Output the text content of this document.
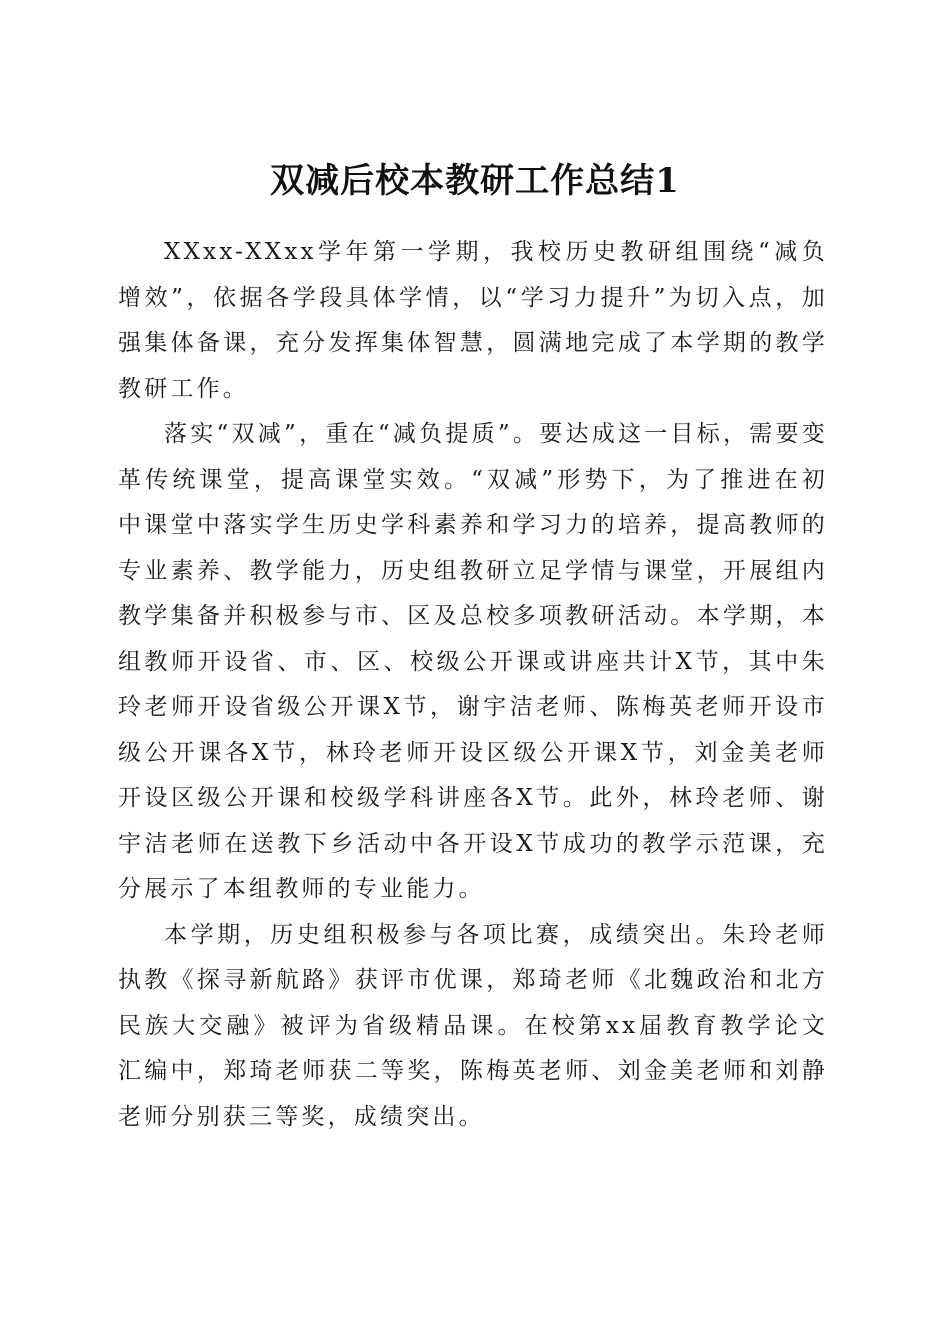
双减后校本教研工作总结1

XXxx-XXxx学年第一学期，我校历史教研组围绕“减负增效”，依据各学段具体学情，以“学习力提升”为切入点，加强集体备课，充分发挥集体智慧，圆满地完成了本学期的教学教研工作。

落实“双减”，重在“减负提质”。要达成这一目标，需要变革传统课堂，提高课堂实效。“双减”形势下，为了推进在初中课堂中落实学生历史学科素养和学习力的培养，提高教师的专业素养、教学能力，历史组教研立足学情与课堂，开展组内教学集备并积极参与市、区及总校多项教研活动。本学期，本组教师开设省、市、区、校级公开课或讲座共计X节，其中朱玲老师开设省级公开课X节，谢宇洁老师、陈梅英老师开设市级公开课各X节，林玲老师开设区级公开课X节，刘金美老师开设区级公开课和校级学科讲座各X节。此外，林玲老师、谢宇洁老师在送教下乡活动中各开设X节成功的教学示范课，充分展示了本组教师的专业能力。

本学期，历史组积极参与各项比赛，成绩突出。朱玲老师执教《探寻新航路》获评市优课，郑琦老师《北魏政治和北方民族大交融》被评为省级精品课。在校第xx届教育教学论文汇编中，郑琦老师获二等奖，陈梅英老师、刘金美老师和刘静老师分别获三等奖，成绩突出。
